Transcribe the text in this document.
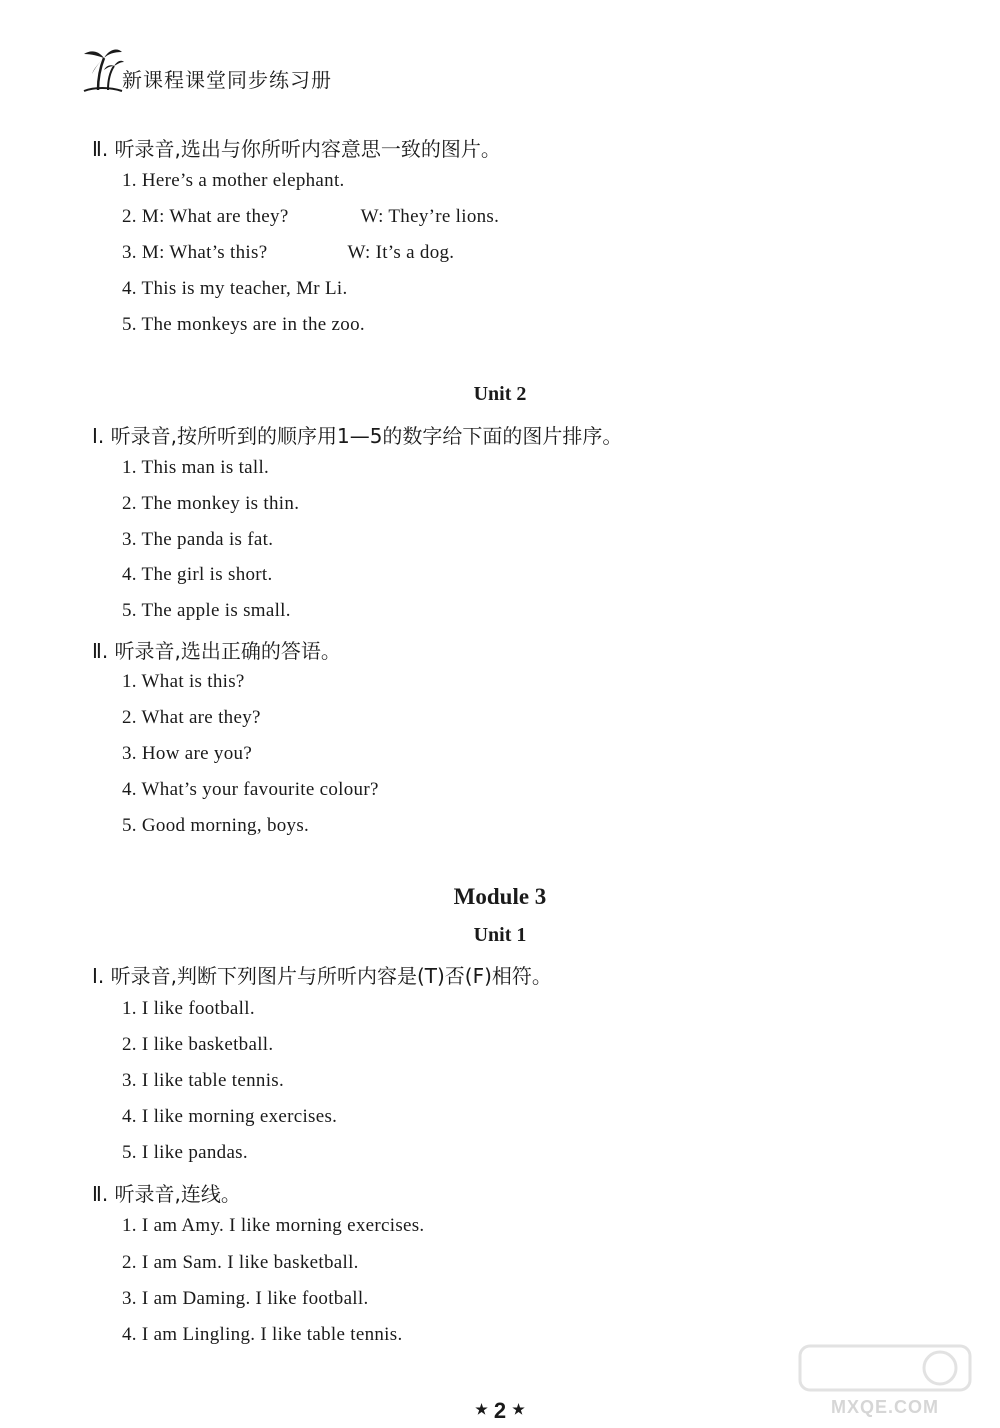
新课程课堂同步练习册
Ⅱ. 听录音,选出与你所听内容意思一致的图片。
1. Here’s a mother elephant.
2. M: What are they?	W: They’re lions.
3. M: What’s this?	W: It’s a dog.
4. This is my teacher, Mr Li.
5. The monkeys are in the zoo.
Unit 2
Ⅰ. 听录音,按所听到的顺序用1—5的数字给下面的图片排序。
1. This man is tall.
2. The monkey is thin.
3. The panda is fat.
4. The girl is short.
5. The apple is small.
Ⅱ. 听录音,选出正确的答语。
1. What is this?
2. What are they?
3. How are you?
4. What’s your favourite colour?
5. Good morning, boys.
Module 3
Unit 1
Ⅰ. 听录音,判断下列图片与所听内容是(T)否(F)相符。
1. I like football.
2. I like basketball.
3. I like table tennis.
4. I like morning exercises.
5. I like pandas.
Ⅱ. 听录音,连线。
1. I am Amy. I like morning exercises.
2. I am Sam. I like basketball.
3. I am Daming. I like football.
4. I am Lingling. I like table tennis.
★ 2 ★	MXQE.COM
